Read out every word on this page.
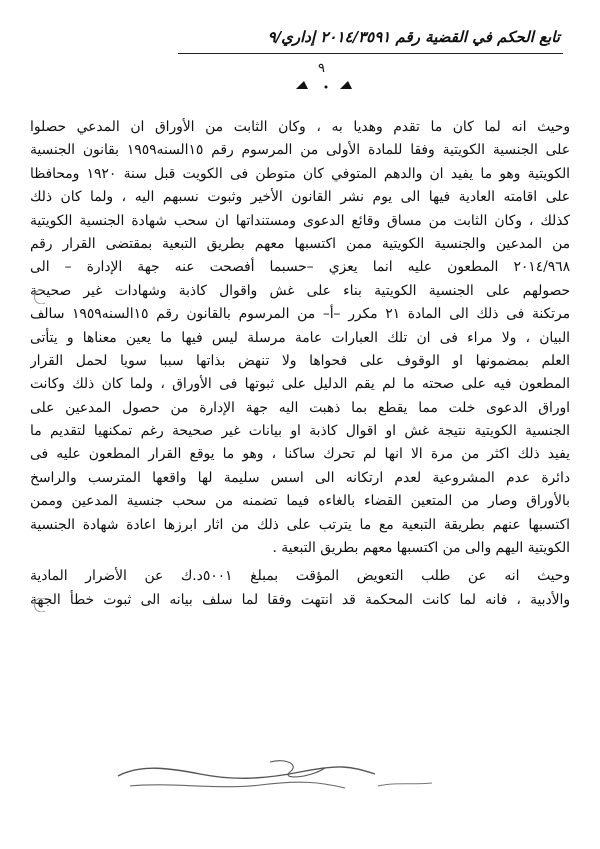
تابع الحكم في القضية رقم ٢٠١٤/٣٥٩١ إداري/٩
٩
وحيث انه لما كان ما تقدم وهديا به ، وكان الثابت من الأوراق ان المدعي حصلوا
على الجنسية الكويتية وفقا للمادة الأولى من المرسوم رقم ١٥السنه١٩٥٩ بقانون الجنسية
الكويتية وهو ما يفيد ان والدهم المتوفي كان متوطن فى الكويت قبل سنة ١٩٢٠ ومحافظا
على اقامته العادية فيها الى يوم نشر القانون الأخير وثبوت نسبهم اليه ، ولما كان ذلك
كذلك ، وكان الثابت من مساق وقائع الدعوى ومستنداتها ان سحب شهادة الجنسية الكويتية
من المدعين والجنسية الكويتية ممن اكتسبها معهم بطريق التبعية بمقتضى القرار رقم
٢٠١٤/٩٦٨ المطعون عليه انما يعزي –حسبما أفصحت عنه جهة الإدارة – الى
حصولهم على الجنسية الكويتية بناء على غش واقوال كاذبة وشهادات غير صحيحة
مرتكنة فى ذلك الى المادة ٢١ مكرر –أ– من المرسوم بالقانون رقم ١٥السنه١٩٥٩ سالف
البيان ، ولا مراء فى ان تلك العبارات عامة مرسلة ليس فيها ما يعين معناها و يتأتى
العلم بمضمونها او الوقوف على فحواها ولا تنهض بذاتها سببا سويا لحمل القرار
المطعون فيه على صحته ما لم يقم الدليل على ثبوتها فى الأوراق ، ولما كان ذلك وكانت
اوراق الدعوى خلت مما يقطع بما ذهبت اليه جهة الإدارة من حصول المدعين على
الجنسية الكويتية نتيجة غش او اقوال كاذبة او بيانات غير صحيحة رغم تمكنهيا لتقديم ما
يفيد ذلك اكثر من مرة الا انها لم تحرك ساكنا ، وهو ما يوقع القرار المطعون عليه فى
دائرة عدم المشروعية لعدم ارتكانه الى اسس سليمة لها واقعها المترسب والراسخ
بالأوراق وصار من المتعين القضاء بالغاءه فيما تضمنه من سحب جنسية المدعين وممن
اكتسبها عنهم بطريقة التبعية مع ما يترتب على ذلك من اثار ابرزها اعادة شهادة الجنسية
الكويتية اليهم والى من اكتسبها معهم بطريق التبعية .
وحيث انه عن طلب التعويض المؤقت بمبلغ ٥٠٠١د.ك عن الأضرار المادية
والأدبية ، فانه لما كانت المحكمة قد انتهت وفقا لما سلف بيانه الى ثبوت خطأ الجهة
